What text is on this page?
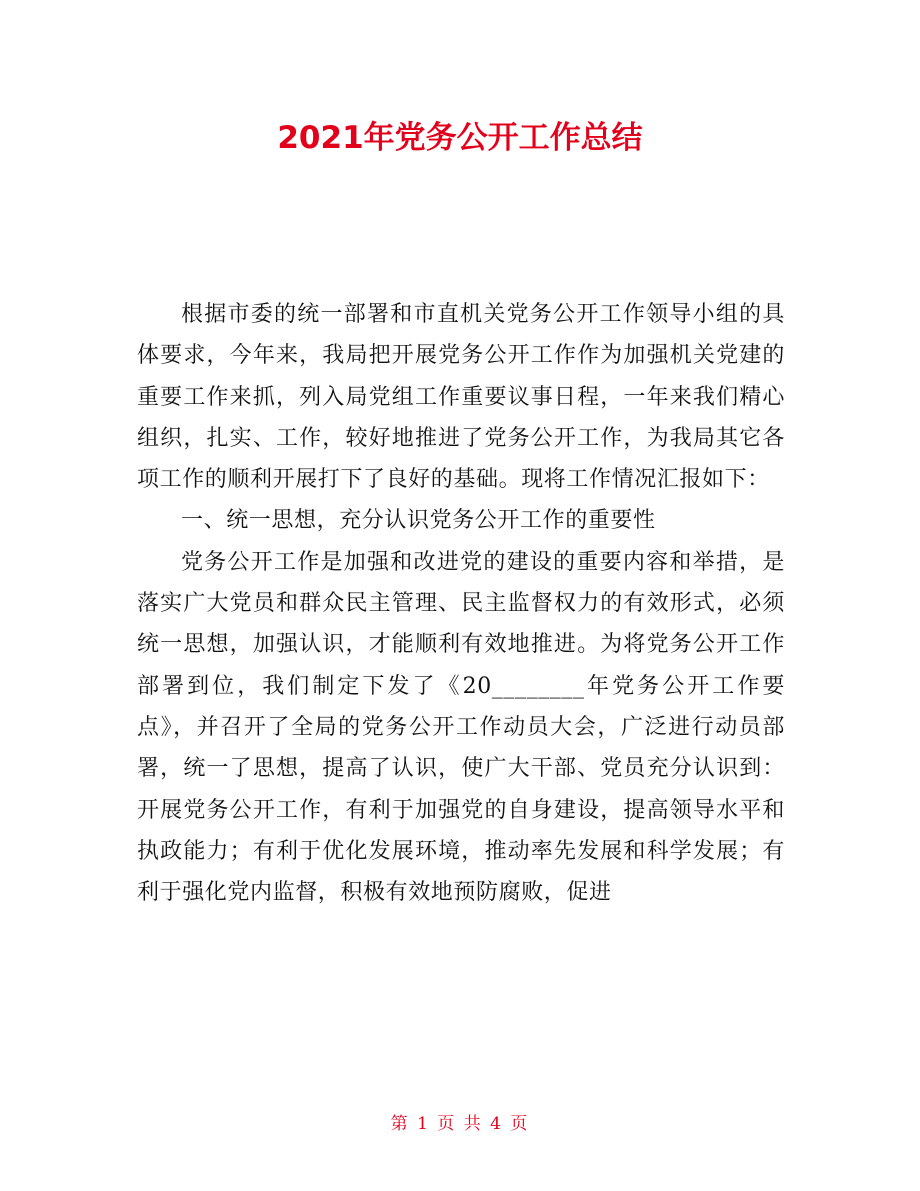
2021年党务公开工作总结

根据市委的统一部署和市直机关党务公开工作领导小组的具体要求，今年来，我局把开展党务公开工作作为加强机关党建的重要工作来抓，列入局党组工作重要议事日程，一年来我们精心组织，扎实、工作，较好地推进了党务公开工作，为我局其它各项工作的顺利开展打下了良好的基础。现将工作情况汇报如下：

一、统一思想，充分认识党务公开工作的重要性

党务公开工作是加强和改进党的建设的重要内容和举措，是落实广大党员和群众民主管理、民主监督权力的有效形式，必须统一思想，加强认识，才能顺利有效地推进。为将党务公开工作部署到位，我们制定下发了《20________年党务公开工作要点》，并召开了全局的党务公开工作动员大会，广泛进行动员部署，统一了思想，提高了认识，使广大干部、党员充分认识到：开展党务公开工作，有利于加强党的自身建设，提高领导水平和执政能力；有利于优化发展环境，推动率先发展和科学发展；有利于强化党内监督，积极有效地预防腐败，促进

第 1 页 共 4 页
